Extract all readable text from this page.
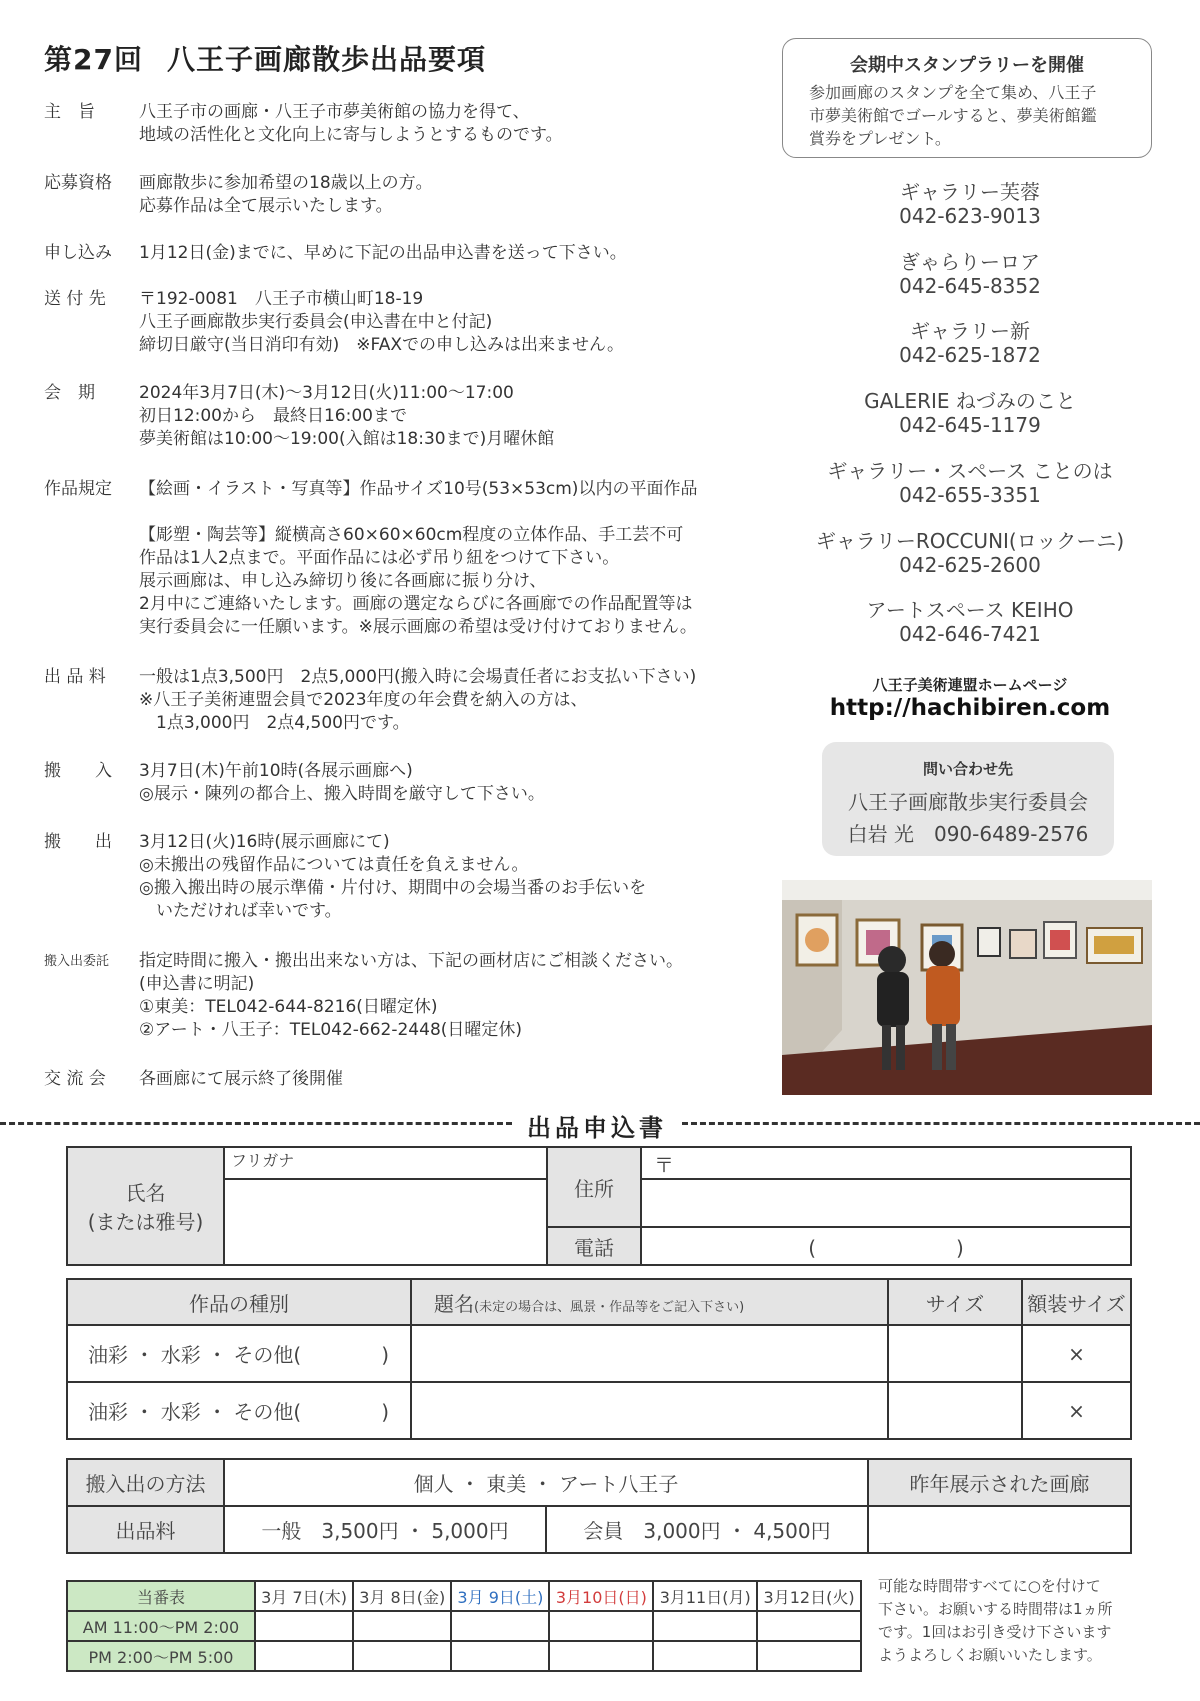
第27回 八王子画廊散歩出品要項
主　旨	八王子市の画廊・八王子市夢美術館の協力を得て、
地域の活性化と文化向上に寄与しようとするものです。
応募資格	画廊散歩に参加希望の18歳以上の方。
応募作品は全て展示いたします。
申し込み	1月12日(金)までに、早めに下記の出品申込書を送って下さい。
送 付 先	〒192-0081　八王子市横山町18-19
八王子画廊散歩実行委員会(申込書在中と付記)
締切日厳守(当日消印有効)　※FAXでの申し込みは出来ません。
会　期	2024年3月7日(木)～3月12日(火)11:00～17:00
初日12:00から　最終日16:00まで
夢美術館は10:00～19:00(入館は18:30まで)月曜休館
作品規定	【絵画・イラスト・写真等】作品サイズ10号(53×53cm)以内の平面作品
【彫塑・陶芸等】縦横高さ60×60×60cm程度の立体作品、手工芸不可
作品は1人2点まで。平面作品には必ず吊り紐をつけて下さい。
展示画廊は、申し込み締切り後に各画廊に振り分け、
2月中にご連絡いたします。画廊の選定ならびに各画廊での作品配置等は
実行委員会に一任願います。※展示画廊の希望は受け付けておりません。
出 品 料	一般は1点3,500円　2点5,000円(搬入時に会場責任者にお支払い下さい)
※八王子美術連盟会員で2023年度の年会費を納入の方は、
　1点3,000円　2点4,500円です。
搬　　入	3月7日(木)午前10時(各展示画廊へ)
◎展示・陳列の都合上、搬入時間を厳守して下さい。
搬　　出	3月12日(火)16時(展示画廊にて)
◎未搬出の残留作品については責任を負えません。
◎搬入搬出時の展示準備・片付け、期間中の会場当番のお手伝いを
　いただければ幸いです。
搬入出委託	指定時間に搬入・搬出出来ない方は、下記の画材店にご相談ください。
(申込書に明記)
①東美：TEL042-644-8216(日曜定休)
②アート・八王子：TEL042-662-2448(日曜定休)
交 流 会	各画廊にて展示終了後開催
会期中スタンプラリーを開催
参加画廊のスタンプを全て集め、八王子
市夢美術館でゴールすると、夢美術館鑑
賞券をプレゼント。
ギャラリー芙蓉
042-623-9013
ぎゃらりーロア
042-645-8352
ギャラリー新
042-625-1872
GALERIE ねづみのこと
042-645-1179
ギャラリー・スペース ことのは
042-655-3351
ギャラリーROCCUNI(ロックーニ)
042-625-2600
アートスペース KEIHO
042-646-7421
八王子美術連盟ホームページ
http://hachibiren.com
問い合わせ先
八王子画廊散歩実行委員会
白岩 光　090-6489-2576
出品申込書
氏名
(または雅号)	フリガナ	住所	〒

		電話	(　　　　　　　)
作品の種別	題名(未定の場合は、風景・作品等をご記入下さい)	サイズ	額装サイズ
油彩 ・ 水彩 ・ その他(　　　　)			×
油彩 ・ 水彩 ・ その他(　　　　)			×
搬入出の方法	個人 ・ 東美 ・ アート八王子		昨年展示された画廊
出品料	一般　3,500円 ・ 5,000円	会員　3,000円 ・ 4,500円	
当番表	3月 7日(木)	3月 8日(金)	3月 9日(土)	3月10日(日)	3月11日(月)	3月12日(火)
AM 11:00～PM 2:00						
PM 2:00～PM 5:00						
可能な時間帯すべてに○を付けて
下さい。お願いする時間帯は1ヵ所
です。1回はお引き受け下さいます
ようよろしくお願いいたします。
